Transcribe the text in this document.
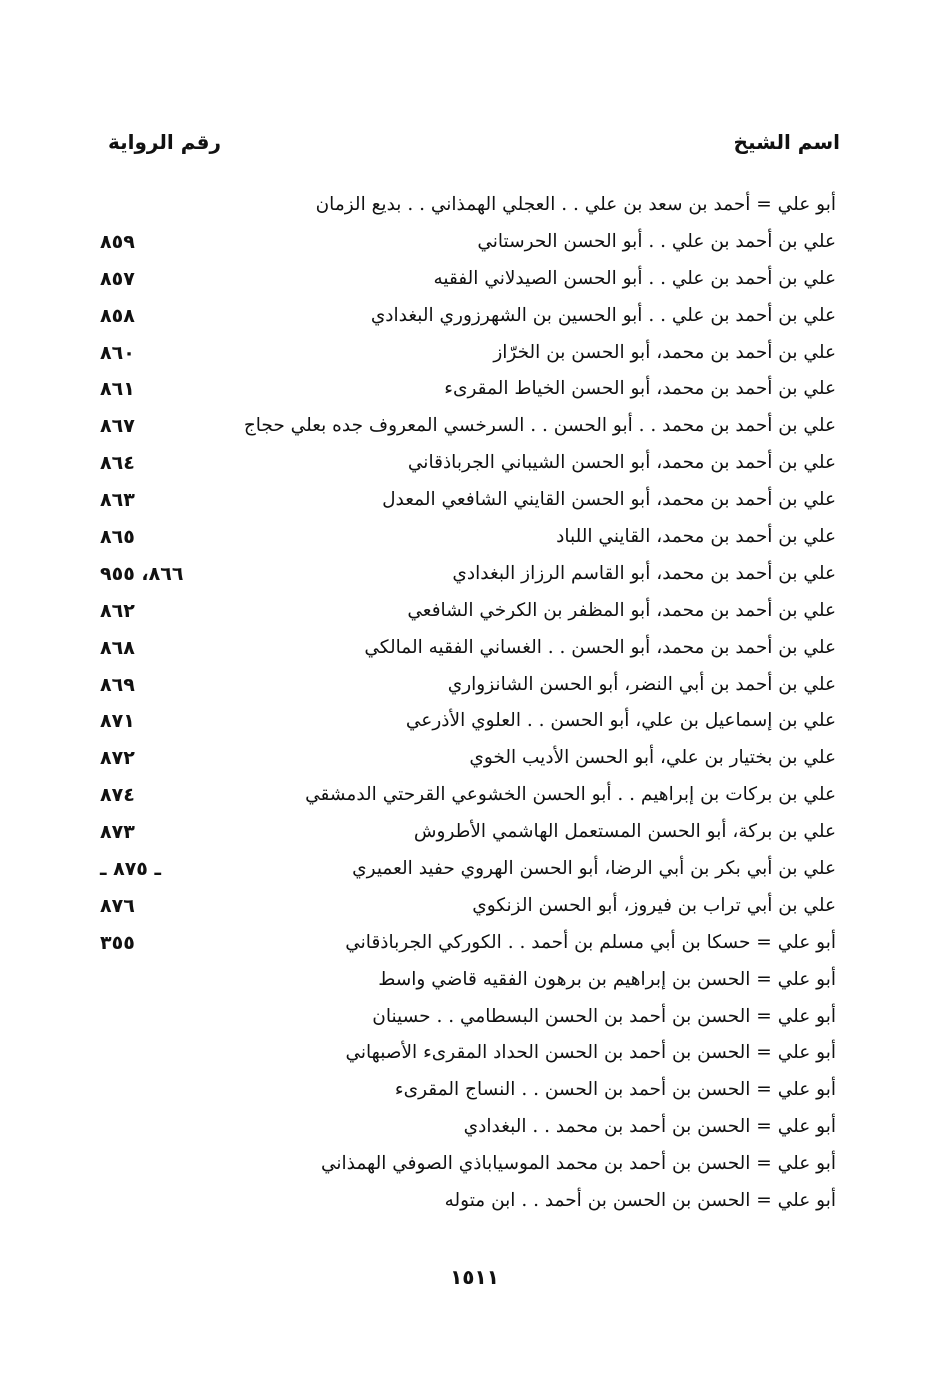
اسم الشيخ
رقم الرواية
أبو علي = أحمد بن سعد بن علي . . العجلي الهمذاني . . بديع الزمان
علي بن أحمد بن علي . . أبو الحسن الحرستاني
٨٥٩
علي بن أحمد بن علي . . أبو الحسن الصيدلاني الفقيه
٨٥٧
علي بن أحمد بن علي . . أبو الحسين بن الشهرزوري البغدادي
٨٥٨
علي بن أحمد بن محمد، أبو الحسن بن الخرّاز
٨٦٠
علي بن أحمد بن محمد، أبو الحسن الخياط المقرىء
٨٦١
علي بن أحمد بن محمد . . أبو الحسن . . السرخسي المعروف جده بعلي حجاج
٨٦٧
علي بن أحمد بن محمد، أبو الحسن الشيباني الجرباذقاني
٨٦٤
علي بن أحمد بن محمد، أبو الحسن القايني الشافعي المعدل
٨٦٣
علي بن أحمد بن محمد، القايني اللباد
٨٦٥
علي بن أحمد بن محمد، أبو القاسم الرزاز البغدادي
٨٦٦، ٩٥٥
علي بن أحمد بن محمد، أبو المظفر بن الكرخي الشافعي
٨٦٢
علي بن أحمد بن محمد، أبو الحسن . . الغساني الفقيه المالكي
٨٦٨
علي بن أحمد بن أبي النضر، أبو الحسن الشانزواري
٨٦٩
علي بن إسماعيل بن علي، أبو الحسن . . العلوي الأذرعي
٨٧١
علي بن بختيار بن علي، أبو الحسن الأديب الخوي
٨٧٢
علي بن بركات بن إبراهيم . . أبو الحسن الخشوعي القرحتي الدمشقي
٨٧٤
علي بن بركة، أبو الحسن المستعمل الهاشمي الأطروش
٨٧٣
علي بن أبي بكر بن أبي الرضا، أبو الحسن الهروي حفيد العميري
ـ ٨٧٥ ـ
علي بن أبي تراب بن فيروز، أبو الحسن الزنكوي
٨٧٦
أبو علي = حسكا بن أبي مسلم بن أحمد . . الكوركي الجرباذقاني
٣٥٥
أبو علي = الحسن بن إبراهيم بن برهون الفقيه قاضي واسط
أبو علي = الحسن بن أحمد بن الحسن البسطامي . . حسينان
أبو علي = الحسن بن أحمد بن الحسن الحداد المقرىء الأصبهاني
أبو علي = الحسن بن أحمد بن الحسن . . النساج المقرىء
أبو علي = الحسن بن أحمد بن محمد . . البغدادي
أبو علي = الحسن بن أحمد بن محمد الموسياباذي الصوفي الهمذاني
أبو علي = الحسن بن الحسن بن أحمد . . ابن متوله
١٥١١
